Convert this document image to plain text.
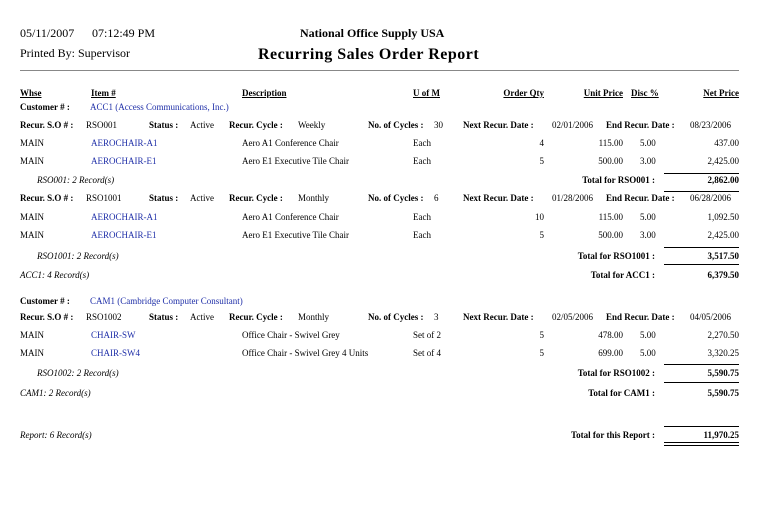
05/11/2007 07:12:49 PM	National Office Supply USA
Printed By: Supervisor	Recurring Sales Order Report
Whse	Item #	Description	U of M	Order Qty	Unit Price Disc %	Net Price
Customer # : ACC1 (Access Communications, Inc.)
Recur. S.O # : RSO001	Status : Active Recur. Cycle : Weekly	No. of Cycles : 30 Next Recur. Date : 02/01/2006 End Recur. Date : 08/23/2006
MAIN	AEROCHAIR-A1	Aero A1 Conference Chair	Each	4	115.00 5.00	437.00
MAIN	AEROCHAIR-E1	Aero E1 Executive Tile Chair	Each	5	500.00 3.00	2,425.00
RSO001: 2 Record(s)	Total for RSO001 :	2,862.00
Recur. S.O # : RSO1001	Status : Active Recur. Cycle : Monthly	No. of Cycles : 6	Next Recur. Date : 01/28/2006 End Recur. Date : 06/28/2006
MAIN	AEROCHAIR-A1	Aero A1 Conference Chair	Each	10	115.00 5.00	1,092.50
MAIN	AEROCHAIR-E1	Aero E1 Executive Tile Chair	Each	5	500.00 3.00	2,425.00
RSO1001: 2 Record(s)	Total for RSO1001 :	3,517.50
ACC1: 4 Record(s)	Total for ACC1 :	6,379.50
Customer # : CAM1 (Cambridge Computer Consultant)
Recur. S.O # : RSO1002	Status : Active Recur. Cycle : Monthly	No. of Cycles : 3	Next Recur. Date : 02/05/2006 End Recur. Date : 04/05/2006
MAIN	CHAIR-SW	Office Chair - Swivel Grey	Set of 2	5	478.00 5.00	2,270.50
MAIN	CHAIR-SW4	Office Chair - Swivel Grey 4 Units	Set of 4	5	699.00 5.00	3,320.25
RSO1002: 2 Record(s)	Total for RSO1002 :	5,590.75
CAM1: 2 Record(s)	Total for CAM1 :	5,590.75
Report: 6 Record(s)	Total for this Report :	11,970.25
